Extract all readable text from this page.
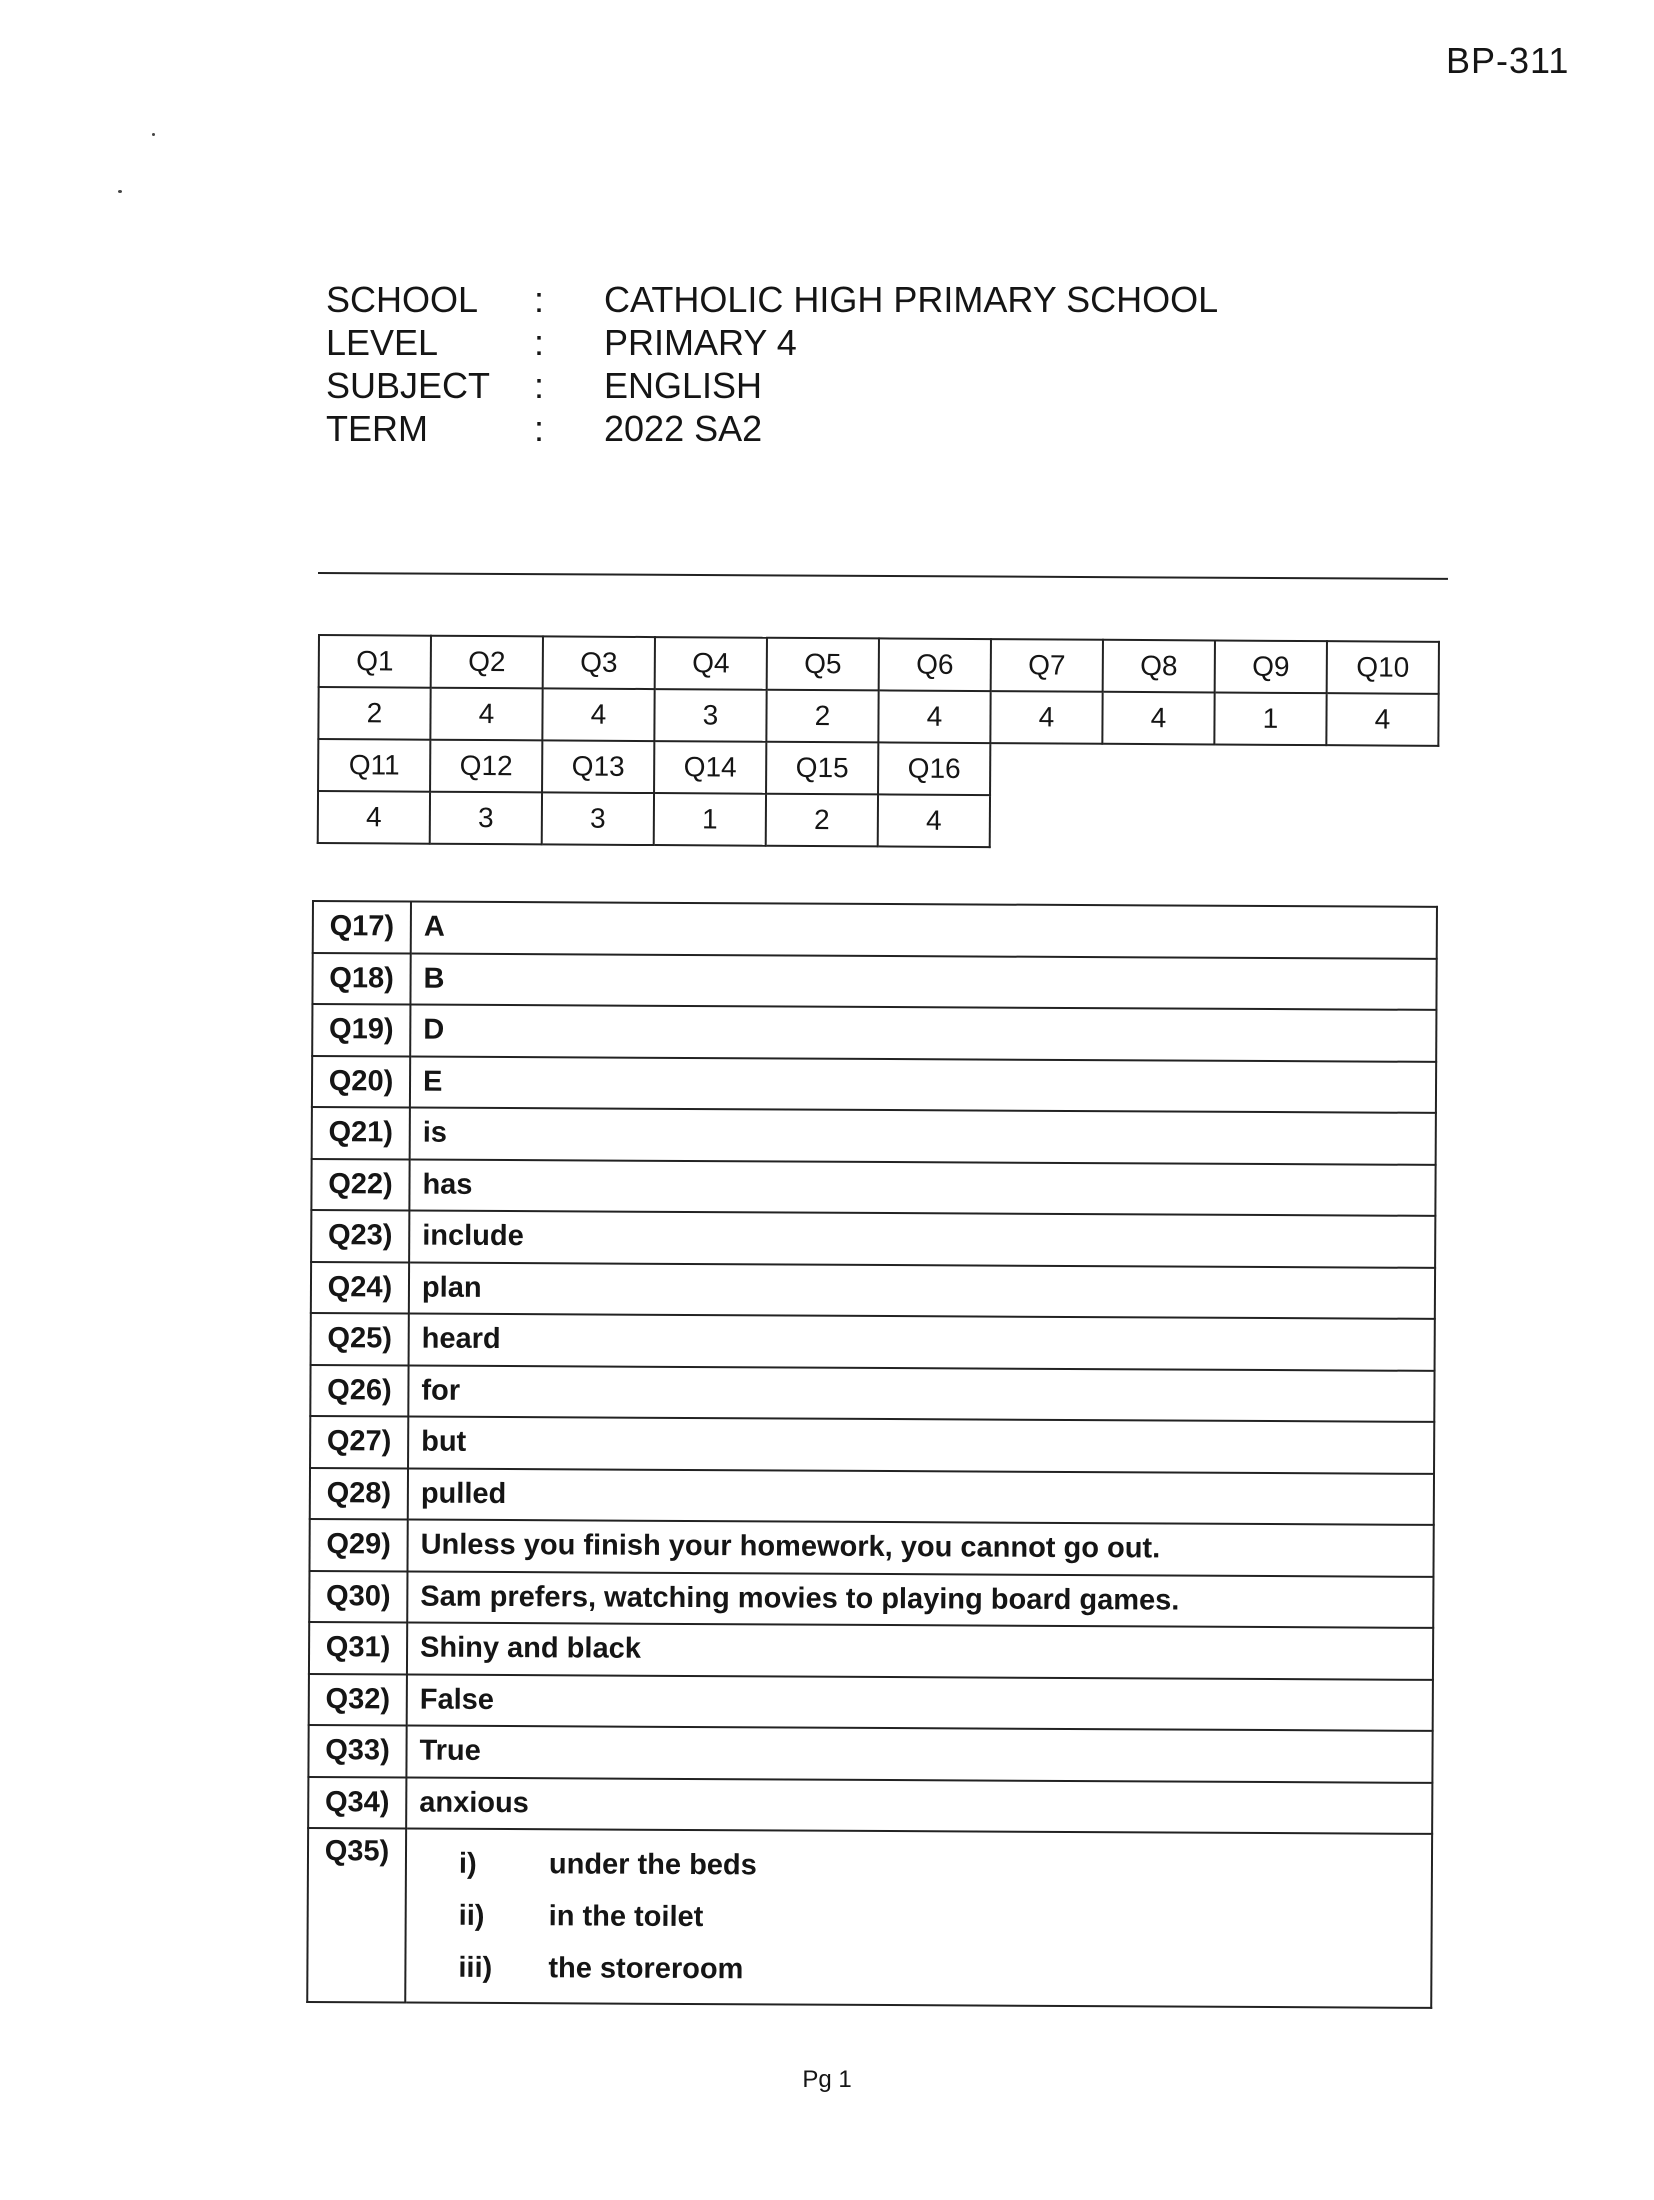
BP-311
SCHOOL	:	CATHOLIC HIGH PRIMARY SCHOOL
LEVEL	:	PRIMARY 4
SUBJECT	:	ENGLISH
TERM	:	2022 SA2
Q1	Q2	Q3	Q4	Q5	Q6	Q7	Q8	Q9	Q10
2	4	4	3	2	4	4	4	1	4
Q11	Q12	Q13	Q14	Q15	Q16				
4	3	3	1	2	4				
Q17)	A
Q18)	B
Q19)	D
Q20)	E
Q21)	is
Q22)	has
Q23)	include
Q24)	plan
Q25)	heard
Q26)	for
Q27)	but
Q28)	pulled
Q29)	Unless you finish your homework, you cannot go out.
Q30)	Sam prefers, watching movies to playing board games.
Q31)	Shiny and black
Q32)	False
Q33)	True
Q34)	anxious
Q35)	i) under the beds
ii) in the toilet
iii) the storeroom
Pg 1
